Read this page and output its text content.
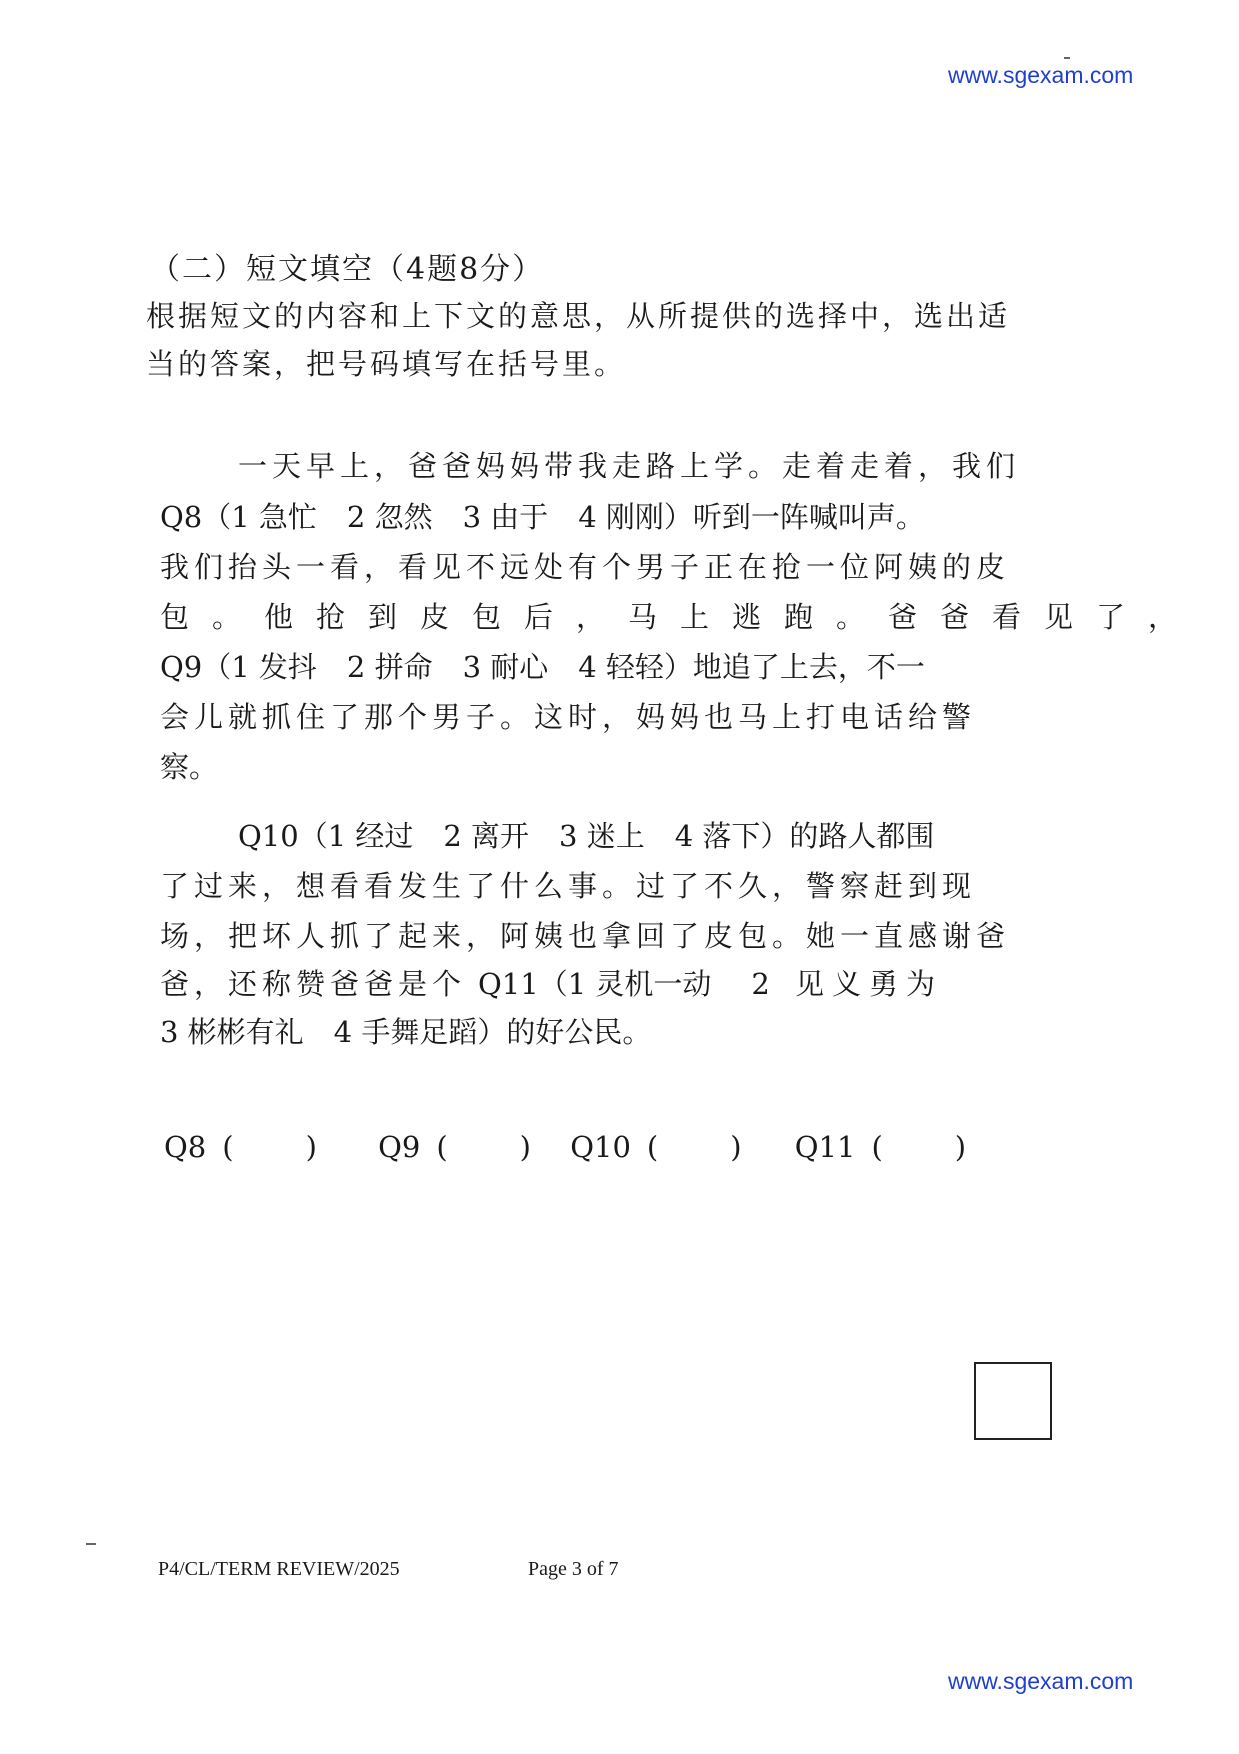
www.sgexam.com
www.sgexam.com
（二）短文填空（4题8分）
根据短文的内容和上下文的意思，从所提供的选择中，选出适
当的答案，把号码填写在括号里。
一天早上，爸爸妈妈带我走路上学。走着走着，我们
Q8（1 急忙 2 忽然 3 由于 4 刚刚）听到一阵喊叫声。
我们抬头一看，看见不远处有个男子正在抢一位阿姨的皮
包。他抢到皮包后，马上逃跑。爸爸看见了，
Q9（1 发抖 2 拼命 3 耐心 4 轻轻）地追了上去，不一
会儿就抓住了那个男子。这时，妈妈也马上打电话给警
察。
Q10（1 经过 2 离开 3 迷上 4 落下）的路人都围
了过来，想看看发生了什么事。过了不久，警察赶到现
场，把坏人抓了起来，阿姨也拿回了皮包。她一直感谢爸
爸，还称赞爸爸是个 Q11（1 灵机一动 2 见义勇为
3 彬彬有礼 4 手舞足蹈）的好公民。
Q8 ( ) Q9 ( ) Q10 ( ) Q11 ( )
P4/CL/TERM REVIEW/2025	Page 3 of 7
